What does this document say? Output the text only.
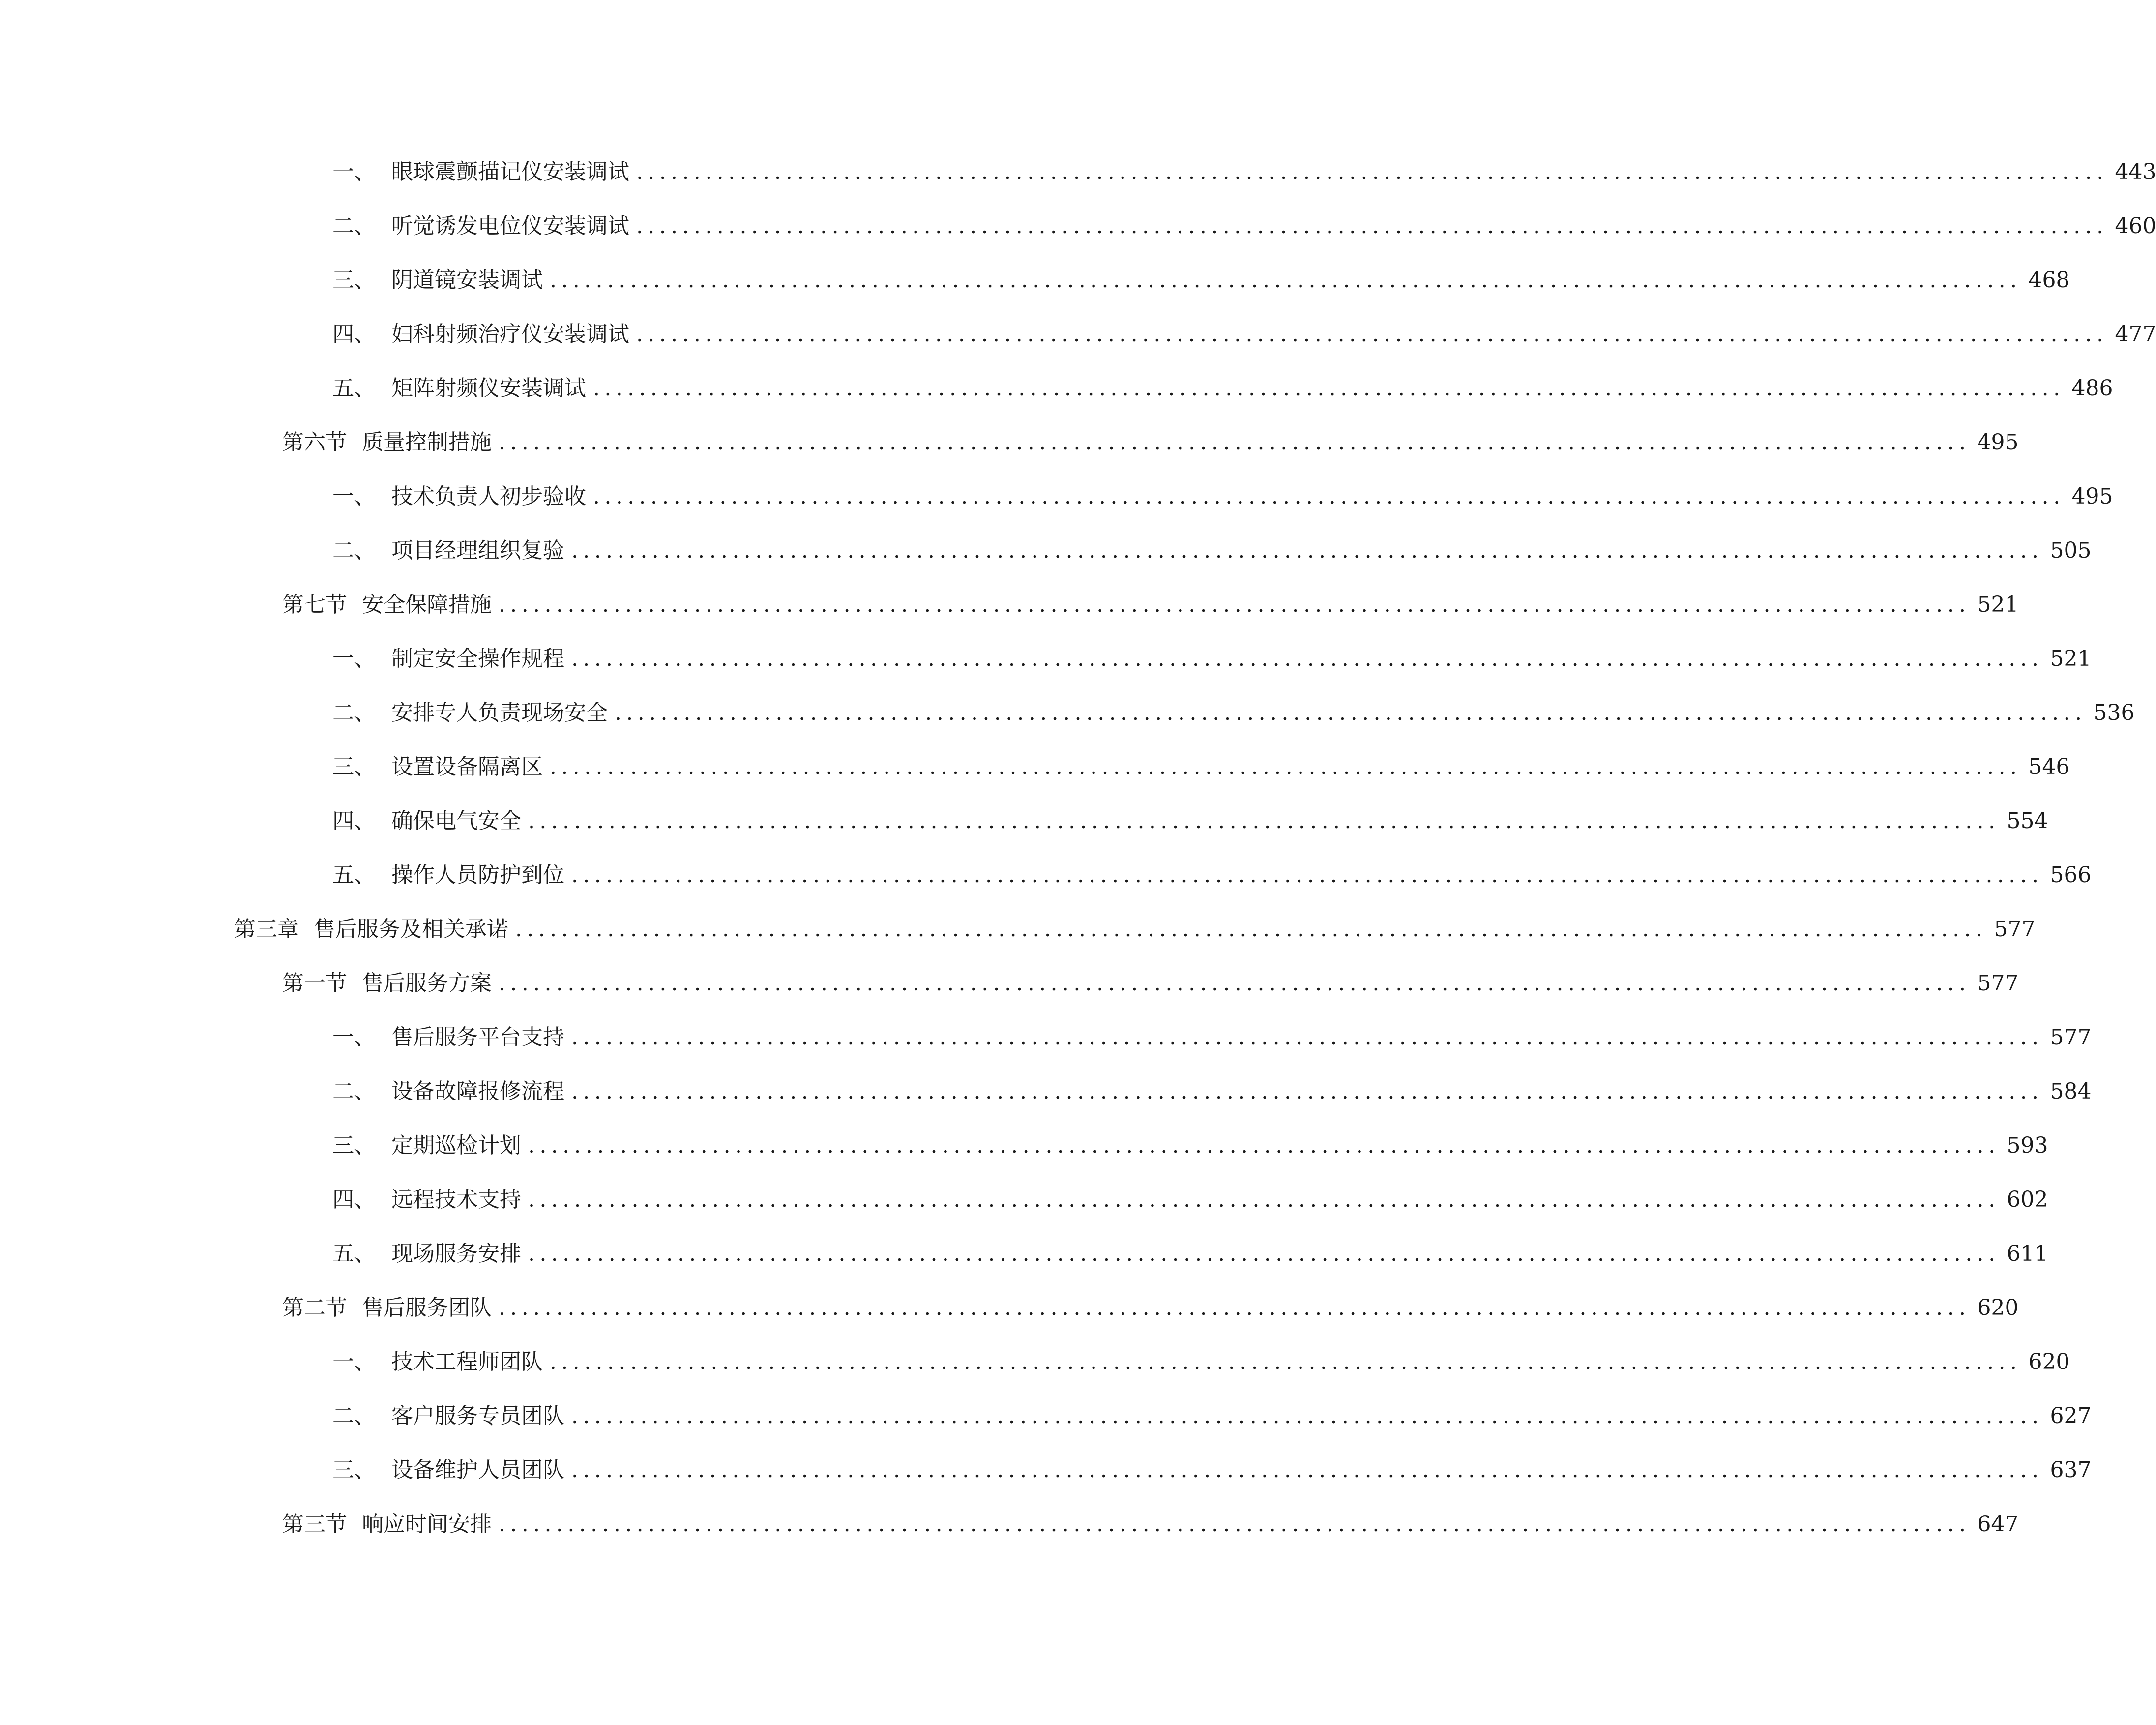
一、 眼球震颤描记仪安装调试 ................................................................................................................................ 443
二、 听觉诱发电位仪安装调试 ................................................................................................................................ 460
三、 阴道镜安装调试 ................................................................................................................................ 468
四、 妇科射频治疗仪安装调试 ................................................................................................................................ 477
五、 矩阵射频仪安装调试 ................................................................................................................................ 486
第六节 质量控制措施 ................................................................................................................................ 495
一、 技术负责人初步验收 ................................................................................................................................ 495
二、 项目经理组织复验 ................................................................................................................................ 505
第七节 安全保障措施 ................................................................................................................................ 521
一、 制定安全操作规程 ................................................................................................................................ 521
二、 安排专人负责现场安全 ................................................................................................................................ 536
三、 设置设备隔离区 ................................................................................................................................ 546
四、 确保电气安全 ................................................................................................................................ 554
五、 操作人员防护到位 ................................................................................................................................ 566
第三章 售后服务及相关承诺 ................................................................................................................................ 577
第一节 售后服务方案 ................................................................................................................................ 577
一、 售后服务平台支持 ................................................................................................................................ 577
二、 设备故障报修流程 ................................................................................................................................ 584
三、 定期巡检计划 ................................................................................................................................ 593
四、 远程技术支持 ................................................................................................................................ 602
五、 现场服务安排 ................................................................................................................................ 611
第二节 售后服务团队 ................................................................................................................................ 620
一、 技术工程师团队 ................................................................................................................................ 620
二、 客户服务专员团队 ................................................................................................................................ 627
三、 设备维护人员团队 ................................................................................................................................ 637
第三节 响应时间安排 ................................................................................................................................ 647
